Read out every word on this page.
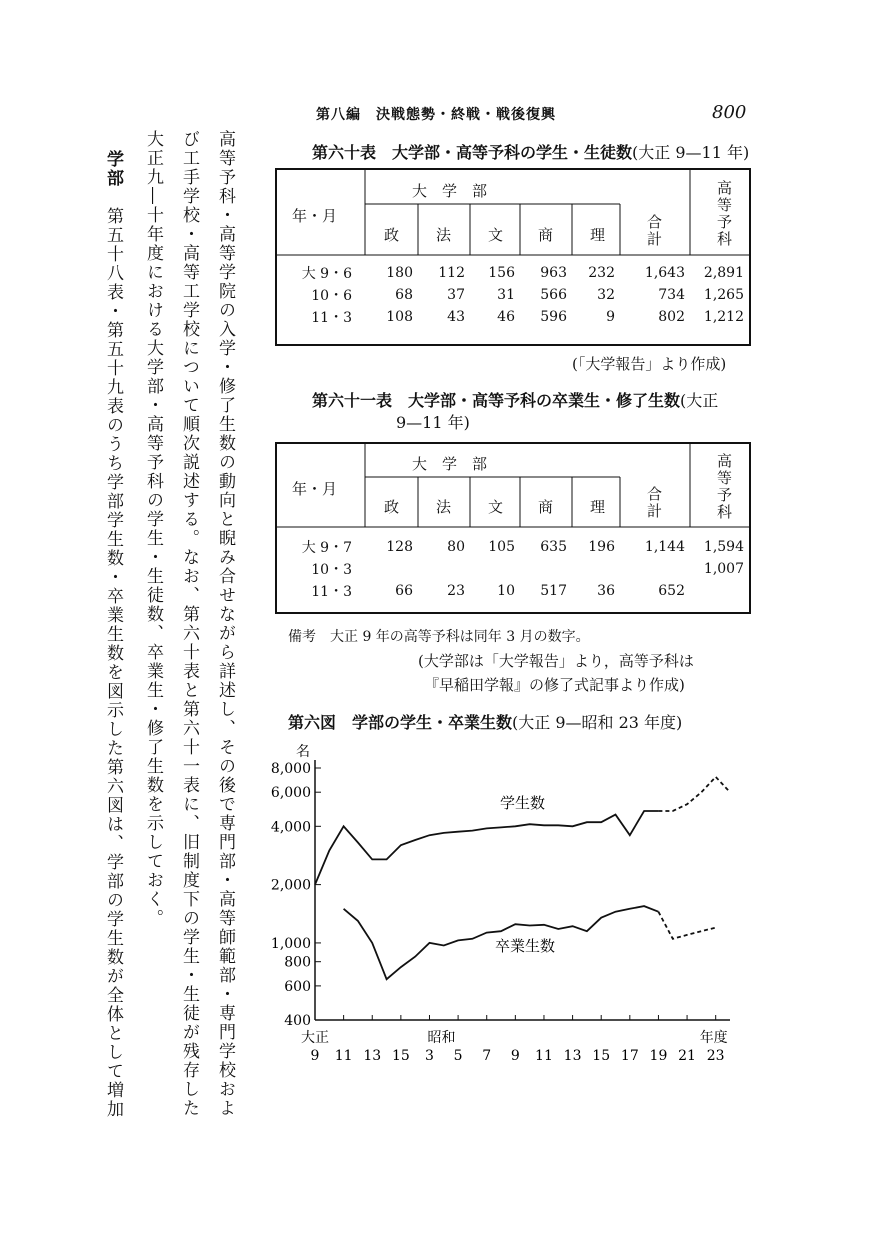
第八編　決戦態勢・終戦・戦後復興	800
高等予科・高等学院の入学・修了生数の動向と睨み合せながら詳述し、その後で専門部・高等師範部・専門学校およ
び工手学校・高等工学校について順次説述する。なお、第六十表と第六十一表に、旧制度下の学生・生徒が残存した
大正九―十年度における大学部・高等予科の学生・生徒数、卒業生・修了生数を示しておく。
学部　第五十八表・第五十九表のうち学部学生数・卒業生数を図示した第六図は、学部の学生数が全体として増加
第六十表　大学部・高等予科の学生・生徒数(大正 9—11 年)
年・月
大　学　部
政 法 文 商 理	合計	高等予科
大 9・6	180	112	156	963	232	1,643	2,891
10・6	68	37	31	566	32	734	1,265
11・3	108	43	46	596	9	802	1,212
(「大学報告」より作成)
第六十一表　大学部・高等予科の卒業生・修了生数(大正
9—11 年)
年・月
大　学　部
政 法 文 商 理	合計	高等予科
大 9・7	128	80	105	635	196	1,144	1,594
10・3							1,007
11・3	66	23	10	517	36	652	
備考　大正 9 年の高等予科は同年 3 月の数字。
(大学部は「大学報告」より，高等予科は
『早稲田学報』の修了式記事より作成)
第六図　学部の学生・卒業生数(大正 9—昭和 23 年度)
400
600
800
1,000
2,000
4,000
6,000
8,000
名
9 11 13 15 3 5 7 9 11 13 15 17 19 21 23
大正	昭和	年度
学生数
卒業生数
